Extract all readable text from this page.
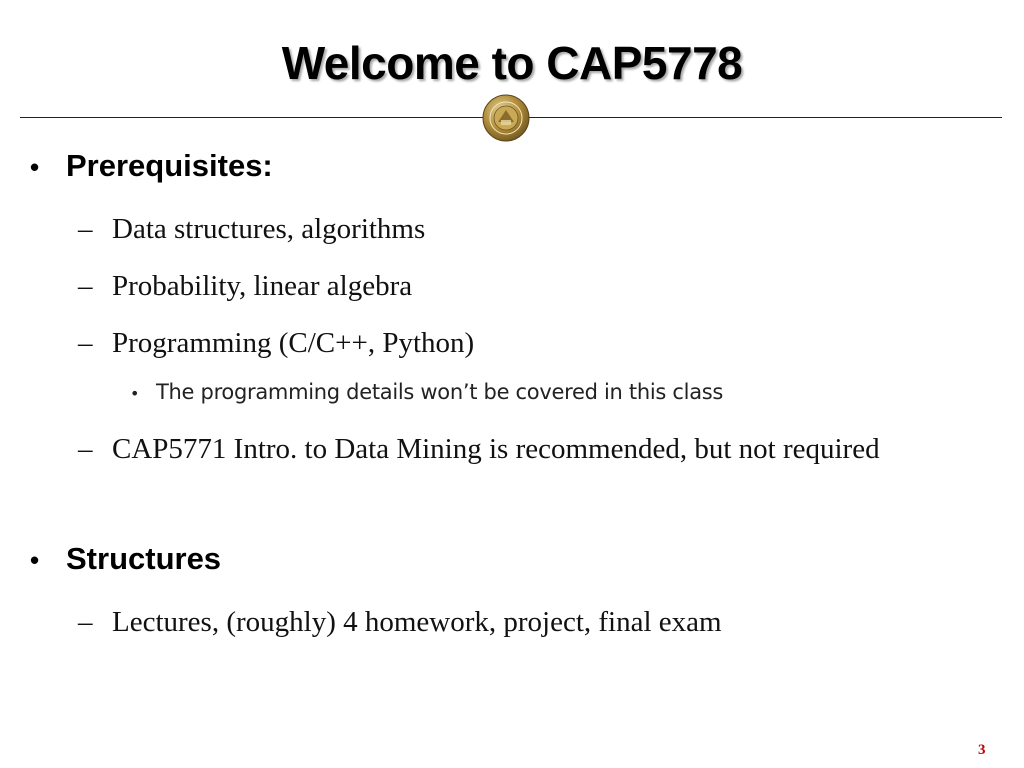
Welcome to CAP5778
• Prerequisites:
– Data structures, algorithms
– Probability, linear algebra
– Programming (C/C++, Python)
• The programming details won’t be covered in this class
– CAP5771 Intro. to Data Mining is recommended, but not required
• Structures
– Lectures, (roughly) 4 homework, project, final exam
3
